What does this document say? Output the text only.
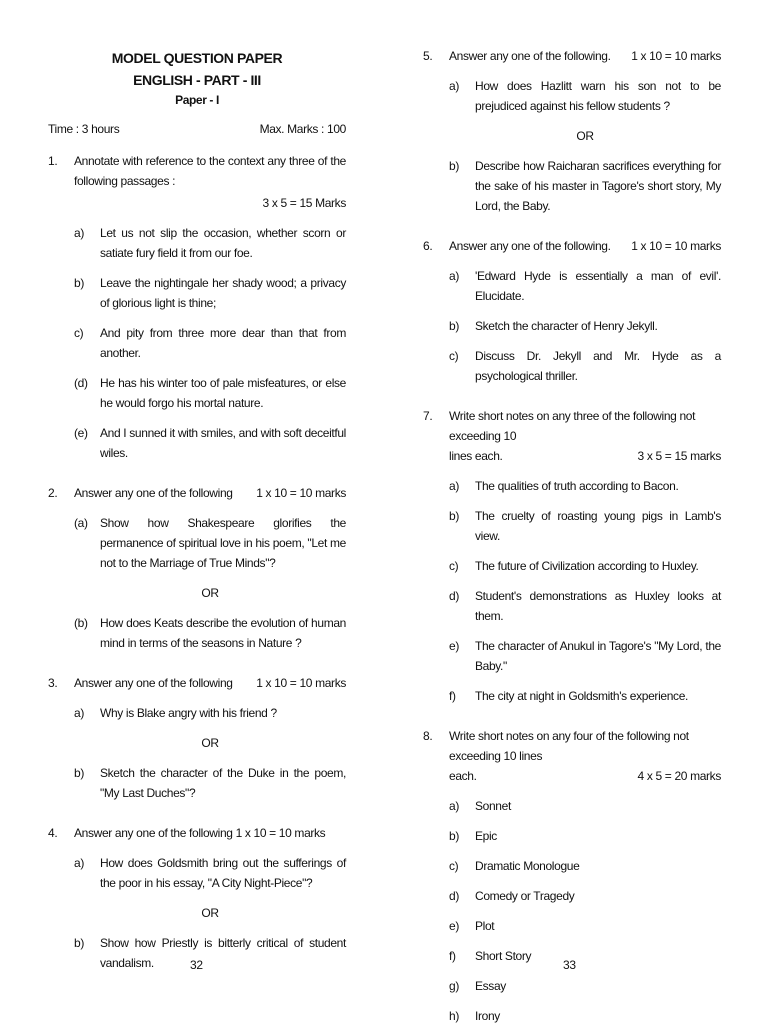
MODEL QUESTION PAPER
ENGLISH - PART - III
Paper - I
Time : 3 hours	Max. Marks : 100
1.	Annotate with reference to the context any three of the following passages :
3 x 5 = 15 Marks
a)	Let us not slip the occasion, whether scorn or satiate fury field it from our foe.
b)	Leave the nightingale her shady wood; a privacy of glorious light is thine;
c)	And pity from three more dear than that from another.
(d)	He has his winter too of pale misfeatures, or else he would forgo his mortal nature.
(e)	And I sunned it with smiles, and with soft deceitful wiles.
2.	Answer any one of the following 1 x 10 = 10 marks
(a)	Show how Shakespeare glorifies the permanence of spiritual love in his poem, "Let me not to the Marriage of True Minds"?
OR
(b)	How does Keats describe the evolution of human mind in terms of the seasons in Nature ?
3.	Answer any one of the following 1 x 10 = 10 marks
a)	Why is Blake angry with his friend ?
OR
b)	Sketch the character of the Duke in the poem, "My Last Duches"?
4.	Answer any one of the following 1 x 10 = 10 marks
a)	How does Goldsmith bring out the sufferings of the poor in his essay, "A City Night-Piece"?
OR
b)	Show how Priestly is bitterly critical of student vandalism.
5.	Answer any one of the following. 1 x 10 = 10 marks
a)	How does Hazlitt warn his son not to be prejudiced against his fellow students ?
OR
b)	Describe how Raicharan sacrifices everything for the sake of his master in Tagore's short story, My Lord, the Baby.
6.	Answer any one of the following. 1 x 10 = 10 marks
a)	'Edward Hyde is essentially a man of evil'. Elucidate.
b)	Sketch the character of Henry Jekyll.
c)	Discuss Dr. Jekyll and Mr. Hyde as a psychological thriller.
7.	Write short notes on any three of the following not exceeding 10
lines each.	3 x 5 = 15 marks
a)	The qualities of truth according to Bacon.
b)	The cruelty of roasting young pigs in Lamb's view.
c)	The future of Civilization according to Huxley.
d)	Student's demonstrations as Huxley looks at them.
e)	The character of Anukul in Tagore's "My Lord, the Baby."
f)	The city at night in Goldsmith's experience.
8.	Write short notes on any four of the following not exceeding 10 lines
each.	4 x 5 = 20 marks
a)	Sonnet
b)	Epic
c)	Dramatic Monologue
d)	Comedy or Tragedy
e)	Plot
f)	Short Story
g)	Essay
h)	Irony
32	33
